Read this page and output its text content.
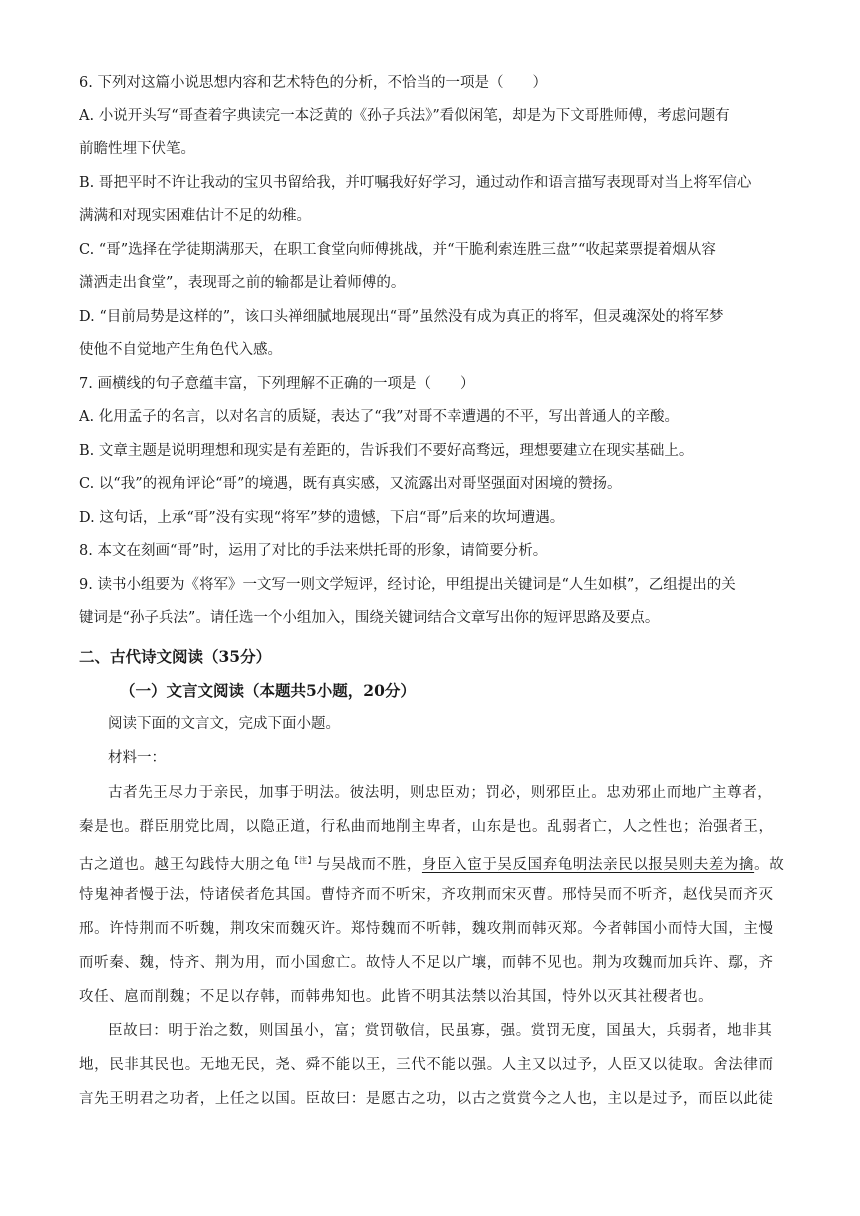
6. 下列对这篇小说思想内容和艺术特色的分析，不恰当的一项是（　　）
A. 小说开头写“哥查着字典读完一本泛黄的《孙子兵法》”看似闲笔，却是为下文哥胜师傅，考虑问题有
前瞻性埋下伏笔。
B. 哥把平时不许让我动的宝贝书留给我，并叮嘱我好好学习，通过动作和语言描写表现哥对当上将军信心
满满和对现实困难估计不足的幼稚。
C. “哥”选择在学徒期满那天，在职工食堂向师傅挑战，并“干脆利索连胜三盘”“收起菜票提着烟从容
潇洒走出食堂”，表现哥之前的输都是让着师傅的。
D. “目前局势是这样的”，该口头禅细腻地展现出“哥”虽然没有成为真正的将军，但灵魂深处的将军梦
使他不自觉地产生角色代入感。
7. 画横线的句子意蕴丰富，下列理解不正确的一项是（　　）
A. 化用孟子的名言，以对名言的质疑，表达了“我”对哥不幸遭遇的不平，写出普通人的辛酸。
B. 文章主题是说明理想和现实是有差距的，告诉我们不要好高骛远，理想要建立在现实基础上。
C. 以“我”的视角评论“哥”的境遇，既有真实感，又流露出对哥坚强面对困境的赞扬。
D. 这句话，上承“哥”没有实现“将军”梦的遗憾，下启“哥”后来的坎坷遭遇。
8. 本文在刻画“哥”时，运用了对比的手法来烘托哥的形象，请简要分析。
9. 读书小组要为《将军》一文写一则文学短评，经讨论，甲组提出关键词是“人生如棋”，乙组提出的关
键词是“孙子兵法”。请任选一个小组加入，围绕关键词结合文章写出你的短评思路及要点。
二、古代诗文阅读（35分）
（一）文言文阅读（本题共5小题，20分）
阅读下面的文言文，完成下面小题。
材料一：
古者先王尽力于亲民，加事于明法。彼法明，则忠臣劝；罚必，则邪臣止。忠劝邪止而地广主尊者，
秦是也。群臣朋党比周，以隐正道，行私曲而地削主卑者，山东是也。乱弱者亡，人之性也；治强者王，
古之道也。越王勾践恃大朋之龟$^{【注】}$与吴战而不胜，身臣入宦于吴反国弃龟明法亲民以报吴则夫差为擒。故
恃鬼神者慢于法，恃诸侯者危其国。曹恃齐而不听宋，齐攻荆而宋灭曹。邢恃吴而不听齐，赵伐吴而齐灭
邢。许恃荆而不听魏，荆攻宋而魏灭许。郑恃魏而不听韩，魏攻荆而韩灭郑。今者韩国小而恃大国，主慢
而听秦、魏，恃齐、荆为用，而小国愈亡。故恃人不足以广壤，而韩不见也。荆为攻魏而加兵许、鄢，齐
攻任、扈而削魏；不足以存韩，而韩弗知也。此皆不明其法禁以治其国，恃外以灭其社稷者也。
臣故曰：明于治之数，则国虽小，富；赏罚敬信，民虽寡，强。赏罚无度，国虽大，兵弱者，地非其
地，民非其民也。无地无民，尧、舜不能以王，三代不能以强。人主又以过予，人臣又以徒取。舍法律而
言先王明君之功者，上任之以国。臣故曰：是愿古之功，以古之赏赏今之人也，主以是过予，而臣以此徒
